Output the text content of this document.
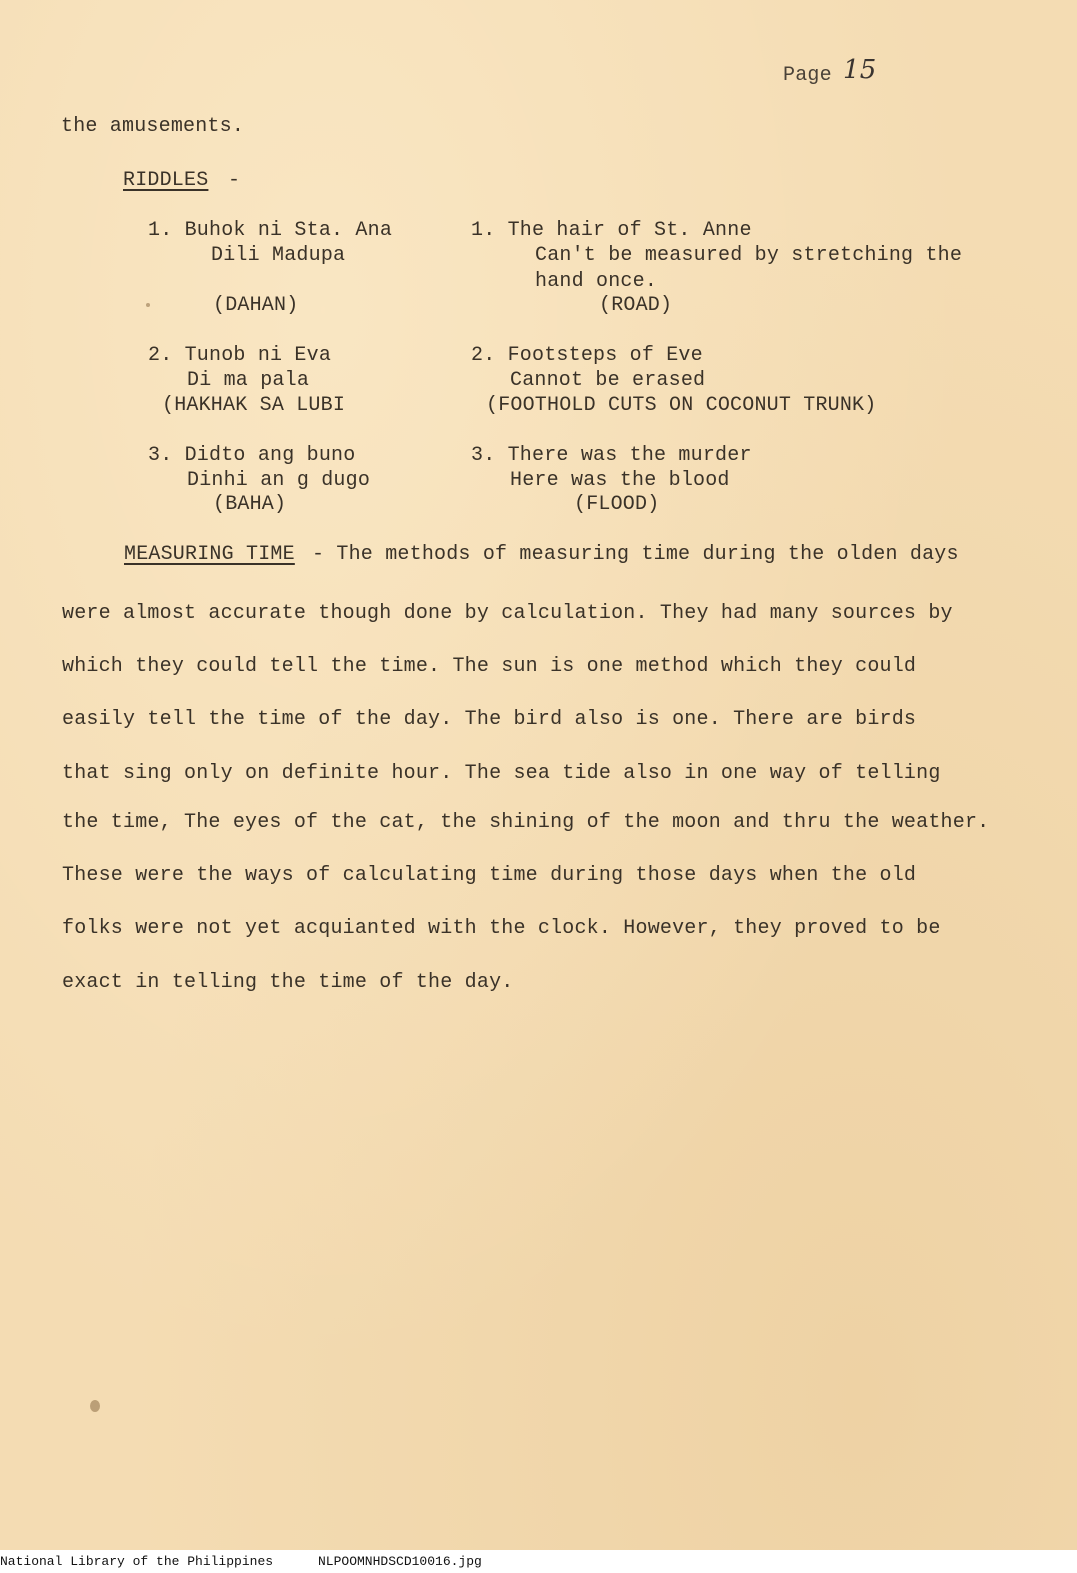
Page 15
the amusements.
RIDDLES -
1. Buhok ni Sta. Ana
Dili Madupa
(DAHAN)
1. The hair of St. Anne
Can't be measured by stretching the
hand once.
(ROAD)
2. Tunob ni Eva
Di ma pala
(HAKHAK SA LUBI
2. Footsteps of Eve
Cannot be erased
(FOOTHOLD CUTS ON COCONUT TRUNK)
3. Didto ang buno
Dinhi an g dugo
(BAHA)
3. There was the murder
Here was the blood
(FLOOD)
MEASURING TIME - The methods of measuring time during the olden days
were almost accurate though done by calculation. They had many sources by
which they could tell the time. The sun is one method which they could
easily tell the time of the day. The bird also is one. There are birds
that sing only on definite hour. The sea tide also in one way of telling
the time, The eyes of the cat, the shining of the moon and thru the weather.
These were the ways of calculating time during those days when the old
folks were not yet acquianted with the clock. However, they proved to be
exact in telling the time of the day.
National Library of the Philippines	NLPOOMNHDSCD10016.jpg
